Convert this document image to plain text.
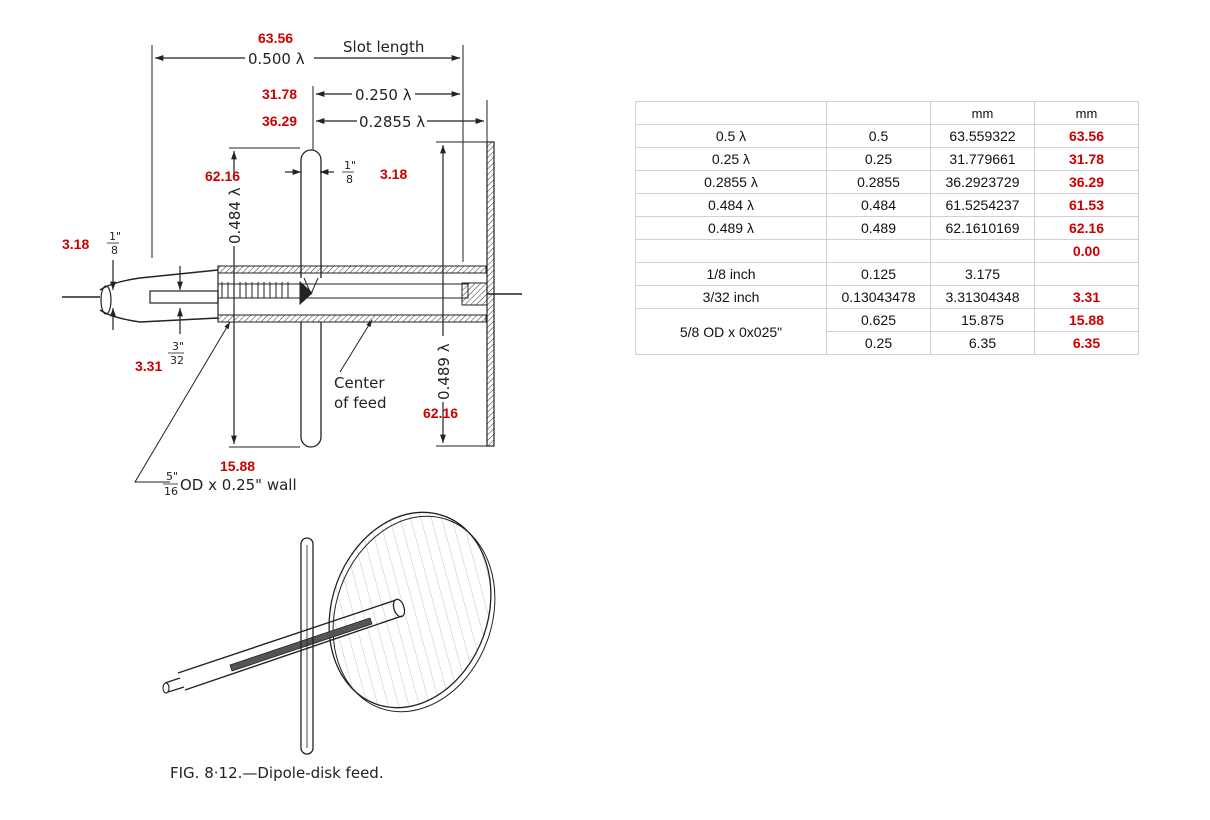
Slot length
0.500 λ
0.250 λ
0.2855 λ
0.484 λ
0.489 λ
1"
8
1"
8
3"
32
Center
of feed
5"
16 OD x 0.25" wall
FIG. 8·12.—Dipole-disk feed.
63.56
31.78
36.29
62.16	3.18
3.18
3.31
62.16
15.88
		mm	mm
0.5 λ	0.5	63.559322	63.56
0.25 λ	0.25	31.779661	31.78
0.2855 λ	0.2855	36.2923729	36.29
0.484 λ	0.484	61.5254237	61.53
0.489 λ	0.489	62.1610169	62.16
			0.00
1/8 inch	0.125	3.175	
3/32 inch	0.13043478	3.31304348	3.31
5/8 OD x 0x025"	0.625	15.875	15.88
	0.25	6.35	6.35
